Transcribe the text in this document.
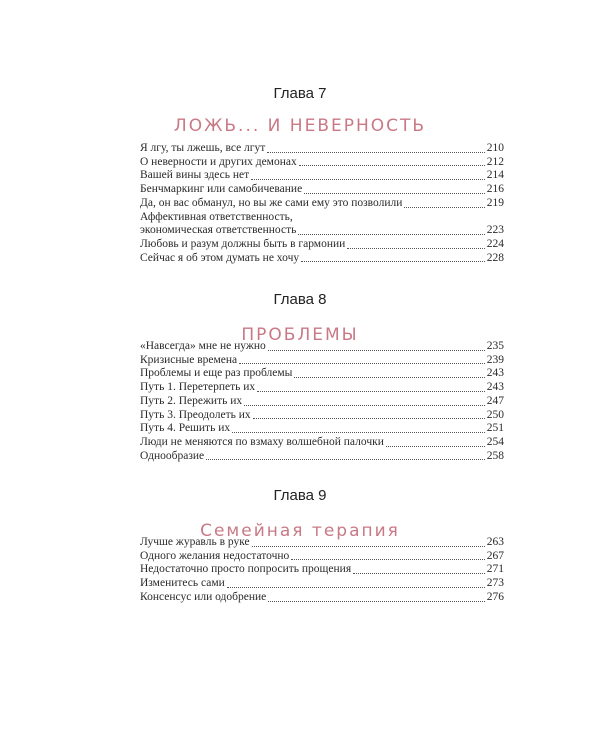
Глава 7
ЛОЖЬ... И НЕВЕРНОСТЬ
Я лгу, ты лжешь, все лгут	210
О неверности и других демонах	212
Вашей вины здесь нет	214
Бенчмаркинг или самобичевание	216
Да, он вас обманул, но вы же сами ему это позволили	219
Аффективная ответственность,
экономическая ответственность	223
Любовь и разум должны быть в гармонии	224
Сейчас я об этом думать не хочу	228
Глава 8
ПРОБЛЕМЫ
«Навсегда» мне не нужно	235
Кризисные времена	239
Проблемы и еще раз проблемы	243
Путь 1. Перетерпеть их	243
Путь 2. Пережить их	247
Путь 3. Преодолеть их	250
Путь 4. Решить их	251
Люди не меняются по взмаху волшебной палочки	254
Однообразие	258
Глава 9
Семейная терапия
Лучше журавль в руке	263
Одного желания недостаточно	267
Недостаточно просто попросить прощения	271
Изменитесь сами	273
Консенсус или одобрение	276
